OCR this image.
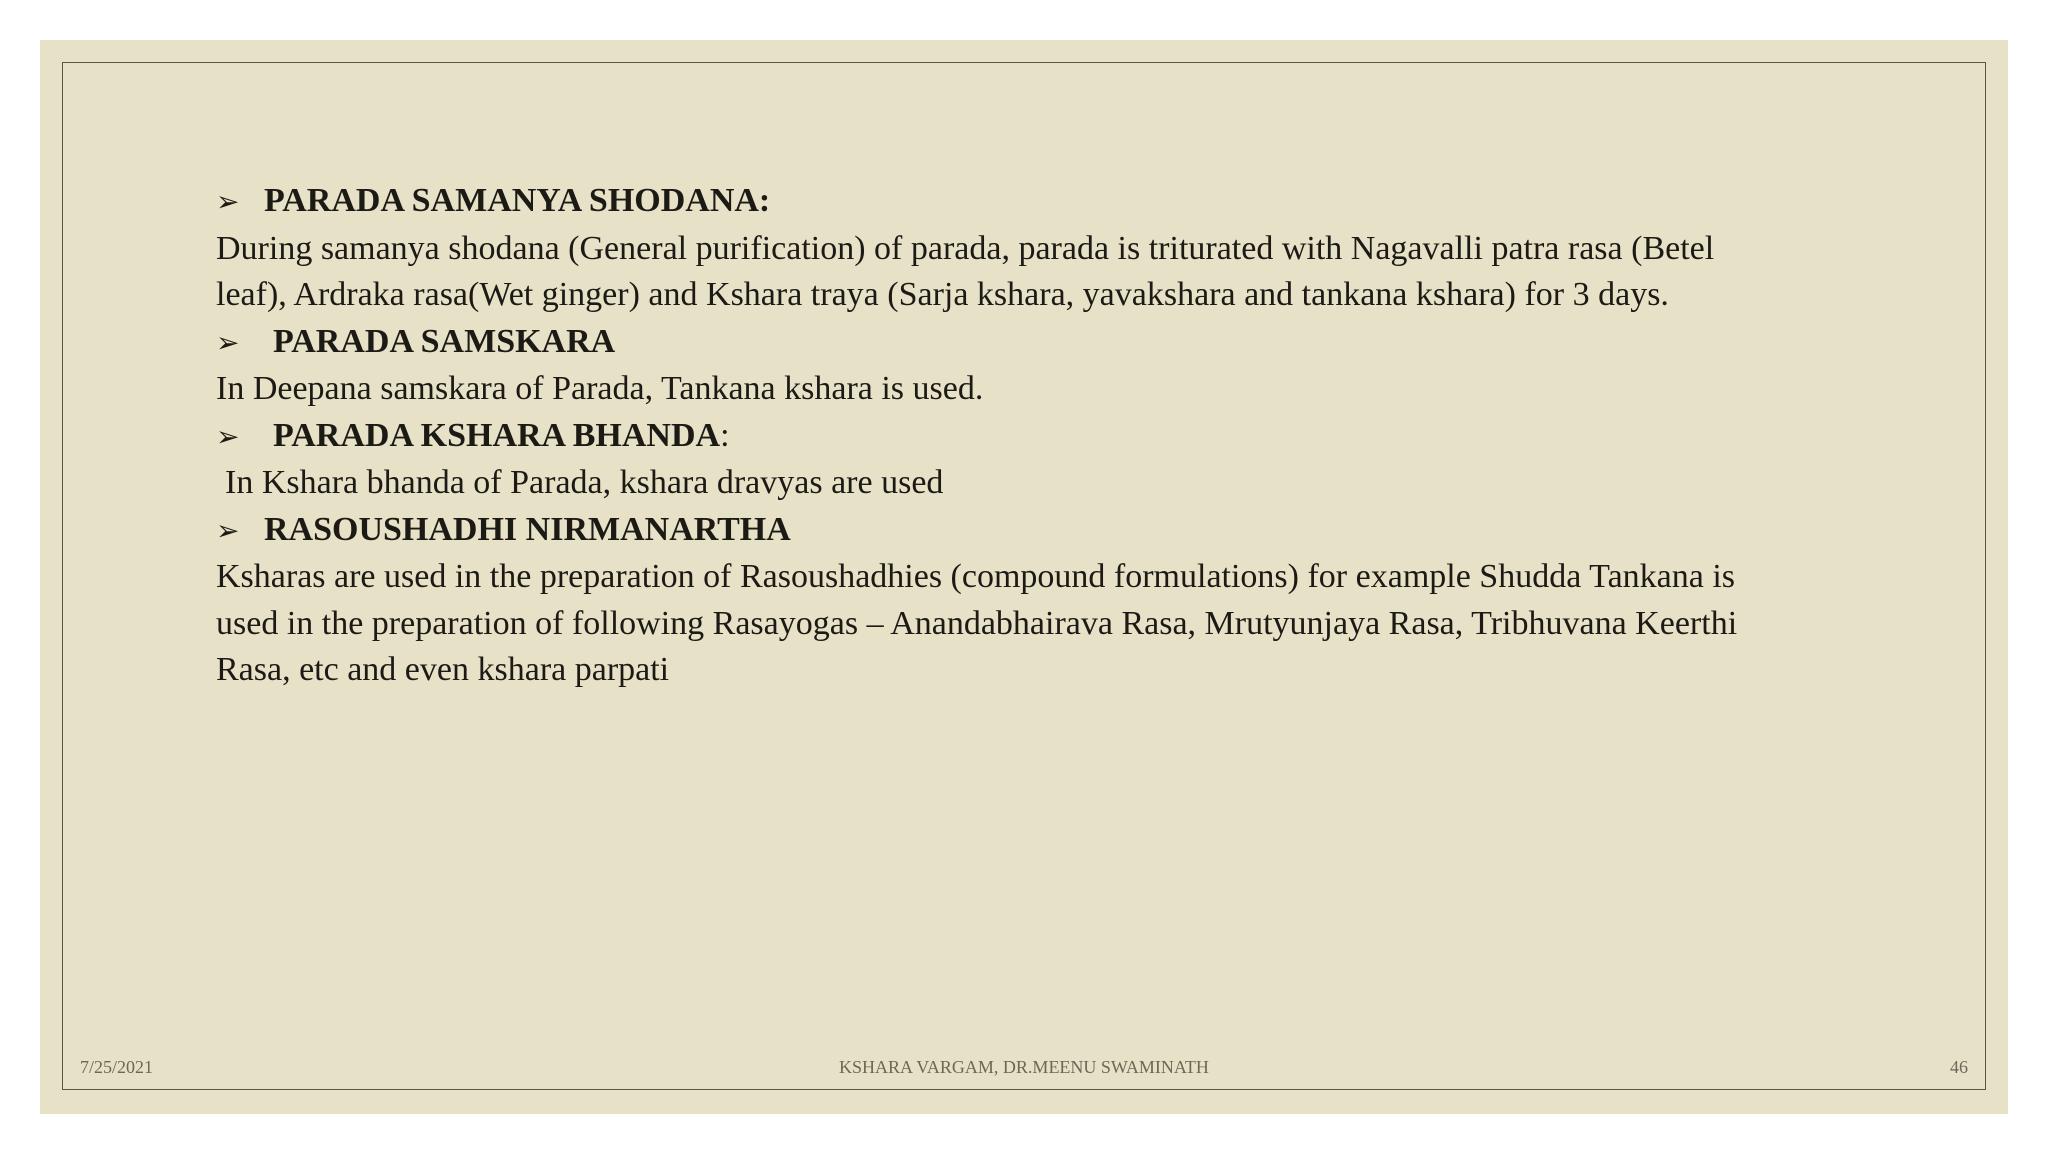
➢ PARADA SAMANYA SHODANA:

During samanya shodana (General purification) of parada, parada is triturated with Nagavalli patra rasa (Betel leaf), Ardraka rasa(Wet ginger) and Kshara traya (Sarja kshara, yavakshara and tankana kshara) for 3 days.

➢ PARADA SAMSKARA

In Deepana samskara of Parada, Tankana kshara is used.

➢ PARADA KSHARA BHANDA:

In Kshara bhanda of Parada, kshara dravyas are used

➢ RASOUSHADHI NIRMANARTHA

Ksharas are used in the preparation of Rasoushadhies (compound formulations) for example Shudda Tankana is used in the preparation of following Rasayogas – Anandabhairava Rasa, Mrutyunjaya Rasa, Tribhuvana Keerthi Rasa, etc and even kshara parpati

7/25/2021	KSHARA VARGAM, DR.MEENU SWAMINATH	46
